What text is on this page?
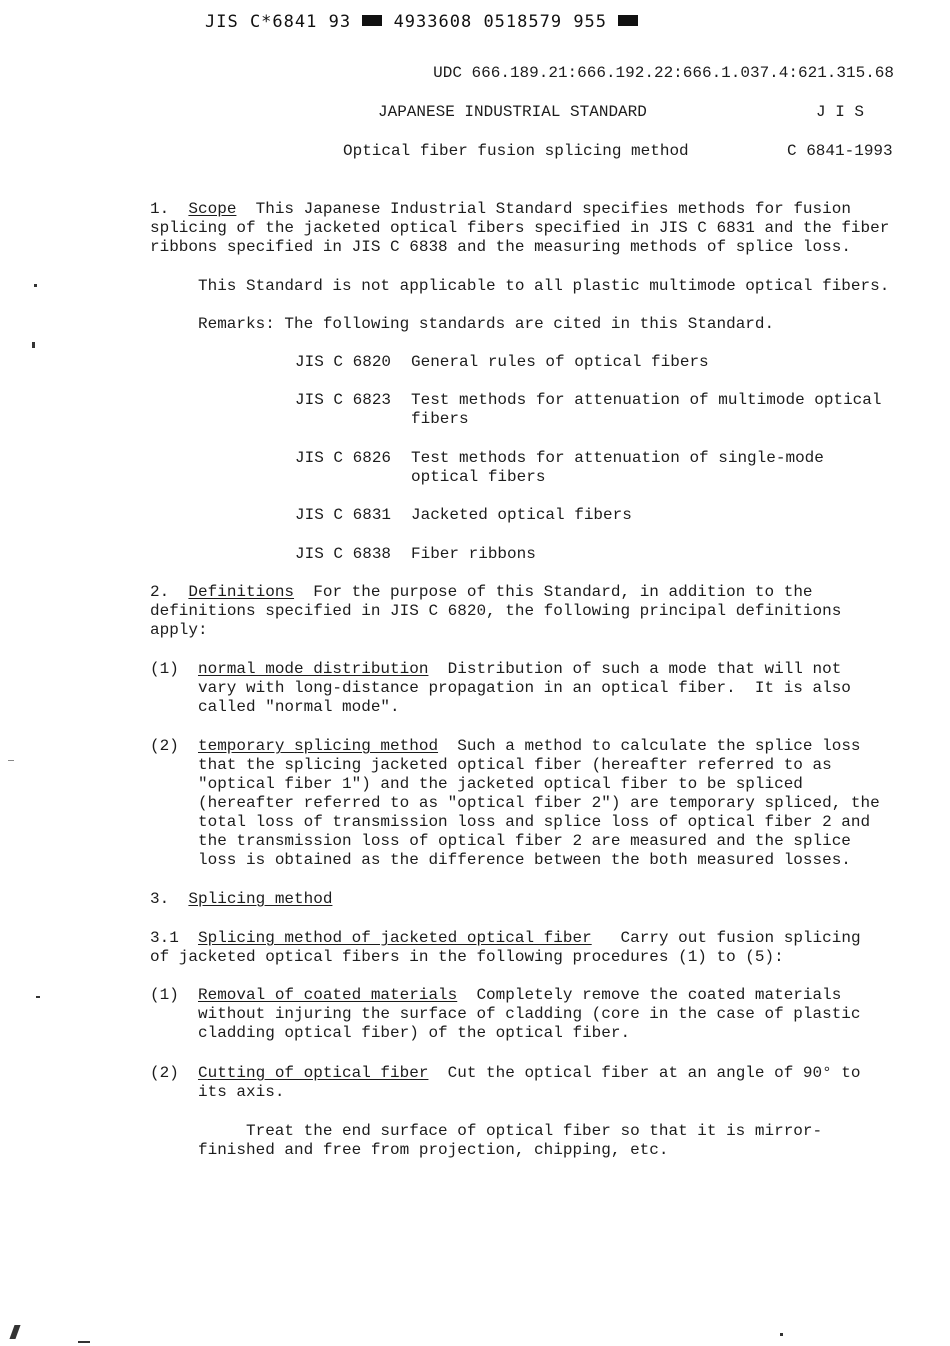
JIS C*6841 93	4933608 0518579 955
UDC 666.189.21:666.192.22:666.1.037.4:621.315.68
JAPANESE INDUSTRIAL STANDARD	J I S
Optical fiber fusion splicing method	C 6841-1993
1. Scope This Japanese Industrial Standard specifies methods for fusion
splicing of the jacketed optical fibers specified in JIS C 6831 and the fiber
ribbons specified in JIS C 6838 and the measuring methods of splice loss.
This Standard is not applicable to all plastic multimode optical fibers.
Remarks: The following standards are cited in this Standard.
JIS C 6820 General rules of optical fibers
JIS C 6823 Test methods for attenuation of multimode optical
fibers
JIS C 6826 Test methods for attenuation of single-mode
optical fibers
JIS C 6831 Jacketed optical fibers
JIS C 6838 Fiber ribbons
2. Definitions For the purpose of this Standard, in addition to the
definitions specified in JIS C 6820, the following principal definitions
apply:
(1) normal mode distribution Distribution of such a mode that will not
vary with long-distance propagation in an optical fiber.  It is also
called "normal mode".
(2) temporary splicing method Such a method to calculate the splice loss
that the splicing jacketed optical fiber (hereafter referred to as
"optical fiber 1") and the jacketed optical fiber to be spliced
(hereafter referred to as "optical fiber 2") are temporary spliced, the
total loss of transmission loss and splice loss of optical fiber 2 and
the transmission loss of optical fiber 2 are measured and the splice
loss is obtained as the difference between the both measured losses.
3. Splicing method
3.1 Splicing method of jacketed optical fiber Carry out fusion splicing
of jacketed optical fibers in the following procedures (1) to (5):
(1) Removal of coated materials Completely remove the coated materials
without injuring the surface of cladding (core in the case of plastic
cladding optical fiber) of the optical fiber.
(2) Cutting of optical fiber Cut the optical fiber at an angle of 90° to
its axis.
Treat the end surface of optical fiber so that it is mirror-
finished and free from projection, chipping, etc.
